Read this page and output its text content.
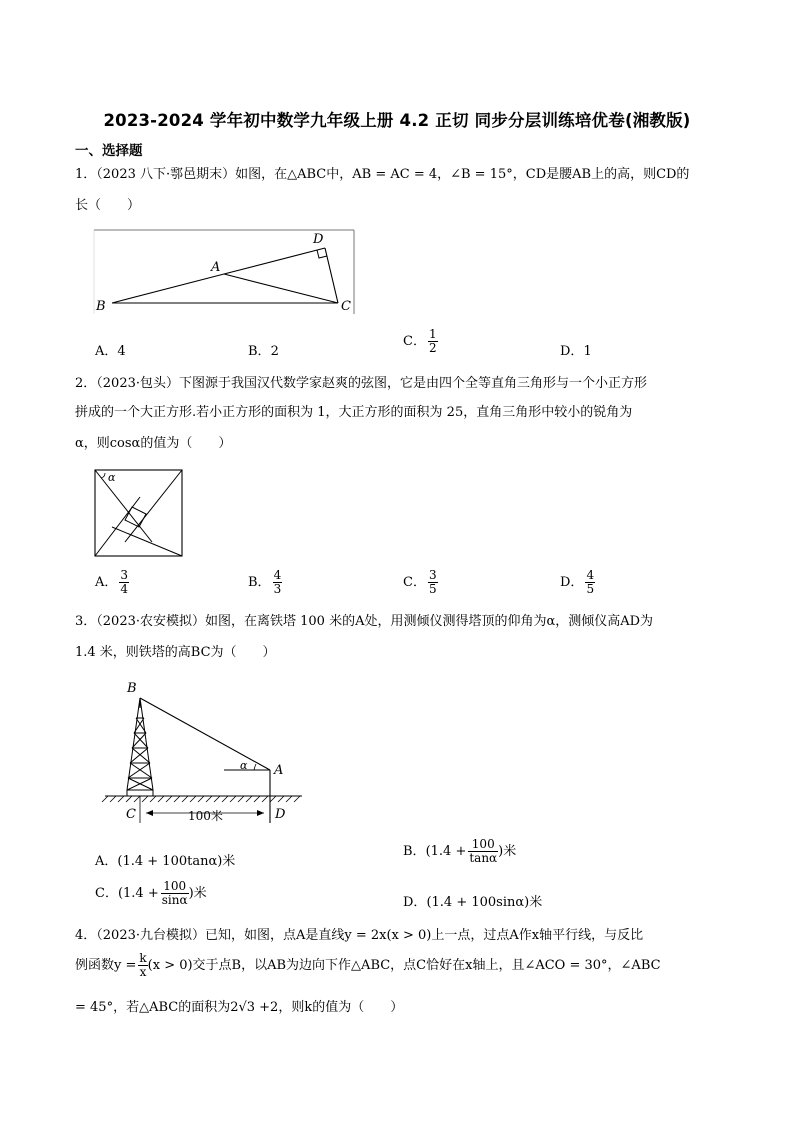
2023-2024 学年初中数学九年级上册 4.2 正切 同步分层训练培优卷(湘教版)
一、选择题
1．（2023 八下·鄠邑期末）如图，在△ABC中，AB = AC = 4，∠B = 15°，CD是腰AB上的高，则CD的
长（　　）
B
A
D
C
A．4	B．2
C． $\frac{1}{2}$	D．1
2．（2023·包头）下图源于我国汉代数学家赵爽的弦图，它是由四个全等直角三角形与一个小正方形
拼成的一个大正方形.若小正方形的面积为 1，大正方形的面积为 25，直角三角形中较小的锐角为
α，则cosα的值为（　　）
α
A． $\frac{3}{4}$	B． $\frac{4}{3}$	C． $\frac{3}{5}$	D． $\frac{4}{5}$
3．（2023·农安模拟）如图，在离铁塔 100 米的A处，用测倾仪测得塔顶的仰角为α，测倾仪高AD为
1.4 米，则铁塔的高BC为（　　）
B
A
α
C	D
100米
A．(1.4 + 100tanα)米
B．($1.4 + \frac{100}{\tan\alpha}$ )米
C．($1.4 + \frac{100}{\sin\alpha}$ )米
D．(1.4 + 100sinα)米
4．（2023·九台模拟）已知，如图，点A是直线y = 2x(x > 0)上一点，过点A作x轴平行线，与反比
例函数$y = \frac{k}{x} (x > 0)$交于点B，以AB为边向下作△ABC，点C恰好在x轴上，且∠ACO = 30°，∠ABC
= 45°，若△ABC的面积为2√3 +2，则k的值为（　　）
